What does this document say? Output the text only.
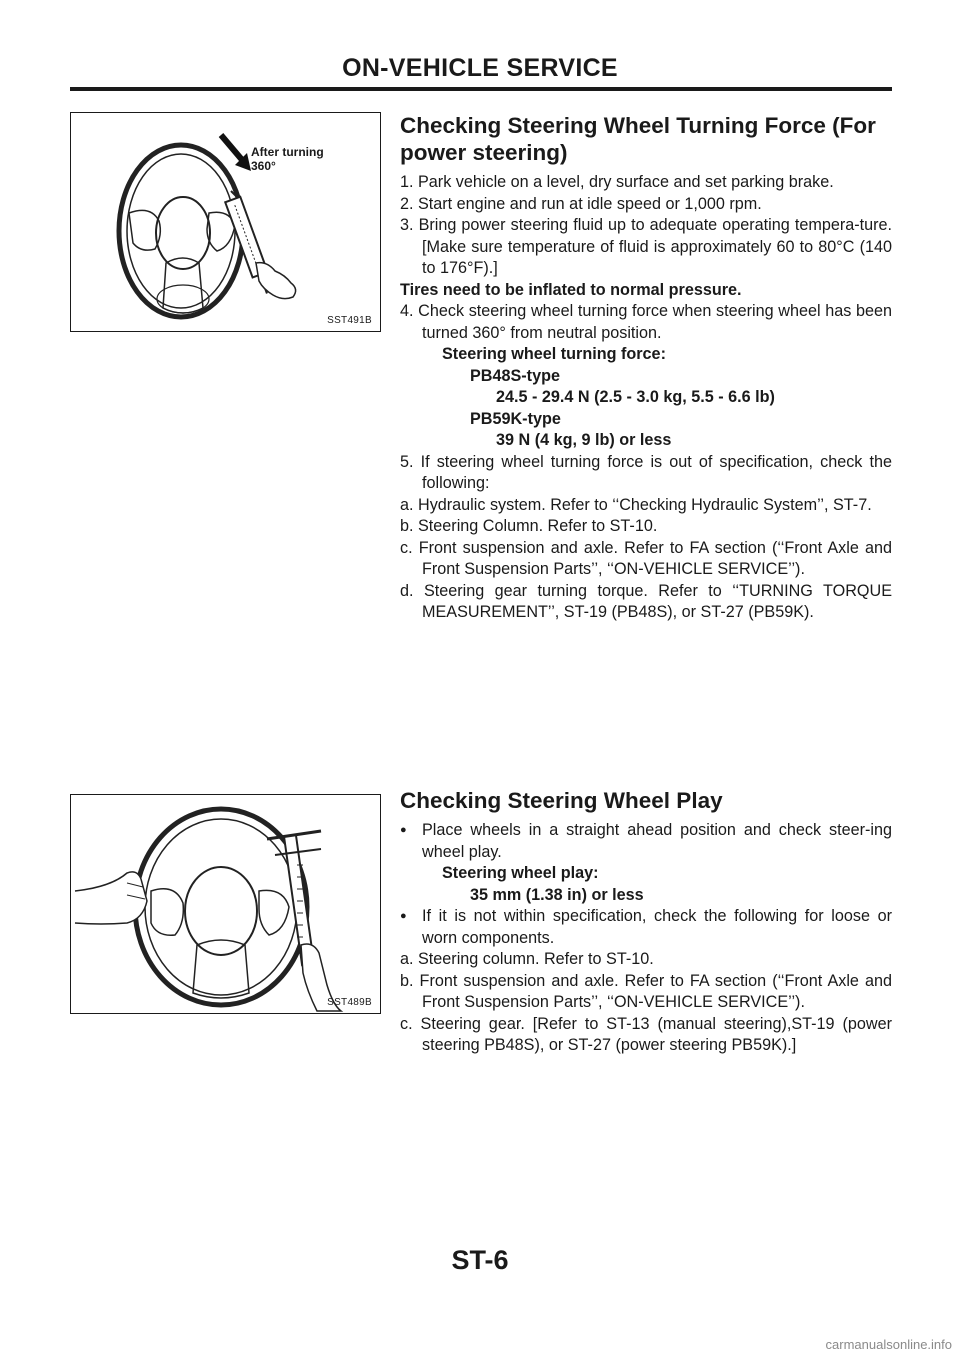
ON-VEHICLE SERVICE
After turning
360°
SST491B
Checking Steering Wheel Turning Force (For power steering)

1. Park vehicle on a level, dry surface and set parking brake.

2. Start engine and run at idle speed or 1,000 rpm.

3. Bring power steering fluid up to adequate operating tempera-ture. [Make sure temperature of fluid is approximately 60 to 80°C (140 to 176°F).]

Tires need to be inflated to normal pressure.

4. Check steering wheel turning force when steering wheel has been turned 360° from neutral position.

Steering wheel turning force:

PB48S-type

24.5 - 29.4 N (2.5 - 3.0 kg, 5.5 - 6.6 lb)

PB59K-type

39 N (4 kg, 9 lb) or less

5. If steering wheel turning force is out of specification, check the following:

a. Hydraulic system. Refer to ‘‘Checking Hydraulic System’’, ST-7.

b. Steering Column. Refer to ST-10.

c. Front suspension and axle. Refer to FA section (‘‘Front Axle and Front Suspension Parts’’, ‘‘ON-VEHICLE SERVICE’’).

d. Steering gear turning torque. Refer to ‘‘TURNING TORQUE MEASUREMENT’’, ST-19 (PB48S), or ST-27 (PB59K).

SST489B
Checking Steering Wheel Play
● Place wheels in a straight ahead position and check steer-ing wheel play.

Steering wheel play:

35 mm (1.38 in) or less

● If it is not within specification, check the following for loose or worn components.

a. Steering column. Refer to ST-10.

b. Front suspension and axle. Refer to FA section (‘‘Front Axle and Front Suspension Parts’’, ‘‘ON-VEHICLE SERVICE’’).

c. Steering gear. [Refer to ST-13 (manual steering),ST-19 (power steering PB48S), or ST-27 (power steering PB59K).]

ST-6
carmanualsonline.info
